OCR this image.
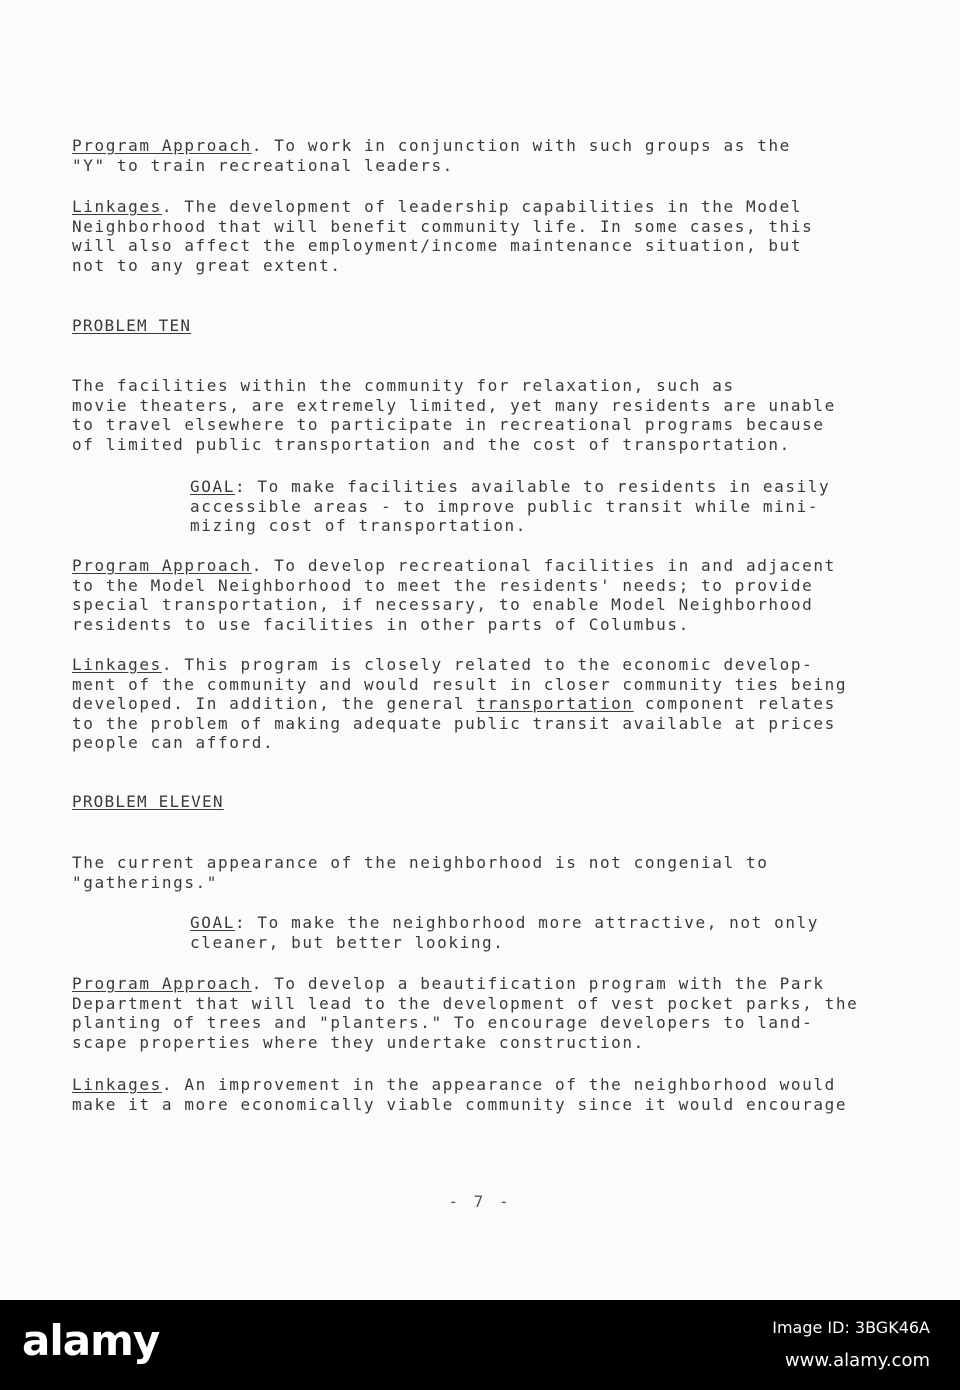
Program Approach. To work in conjunction with such groups as the
"Y" to train recreational leaders.

Linkages. The development of leadership capabilities in the Model
Neighborhood that will benefit community life. In some cases, this
will also affect the employment/income maintenance situation, but
not to any great extent.

PROBLEM TEN

The facilities within the community for relaxation, such as
movie theaters, are extremely limited, yet many residents are unable
to travel elsewhere to participate in recreational programs because
of limited public transportation and the cost of transportation.

GOAL: To make facilities available to residents in easily
accessible areas - to improve public transit while mini-
mizing cost of transportation.

Program Approach. To develop recreational facilities in and adjacent
to the Model Neighborhood to meet the residents' needs; to provide
special transportation, if necessary, to enable Model Neighborhood
residents to use facilities in other parts of Columbus.

Linkages. This program is closely related to the economic develop-
ment of the community and would result in closer community ties being
developed. In addition, the general transportation component relates
to the problem of making adequate public transit available at prices
people can afford.

PROBLEM ELEVEN

The current appearance of the neighborhood is not congenial to
"gatherings."

GOAL: To make the neighborhood more attractive, not only
cleaner, but better looking.

Program Approach. To develop a beautification program with the Park
Department that will lead to the development of vest pocket parks, the
planting of trees and "planters." To encourage developers to land-
scape properties where they undertake construction.

Linkages. An improvement in the appearance of the neighborhood would
make it a more economically viable community since it would encourage

- 7 -
alamy	Image ID: 3BGK46A
www.alamy.com
